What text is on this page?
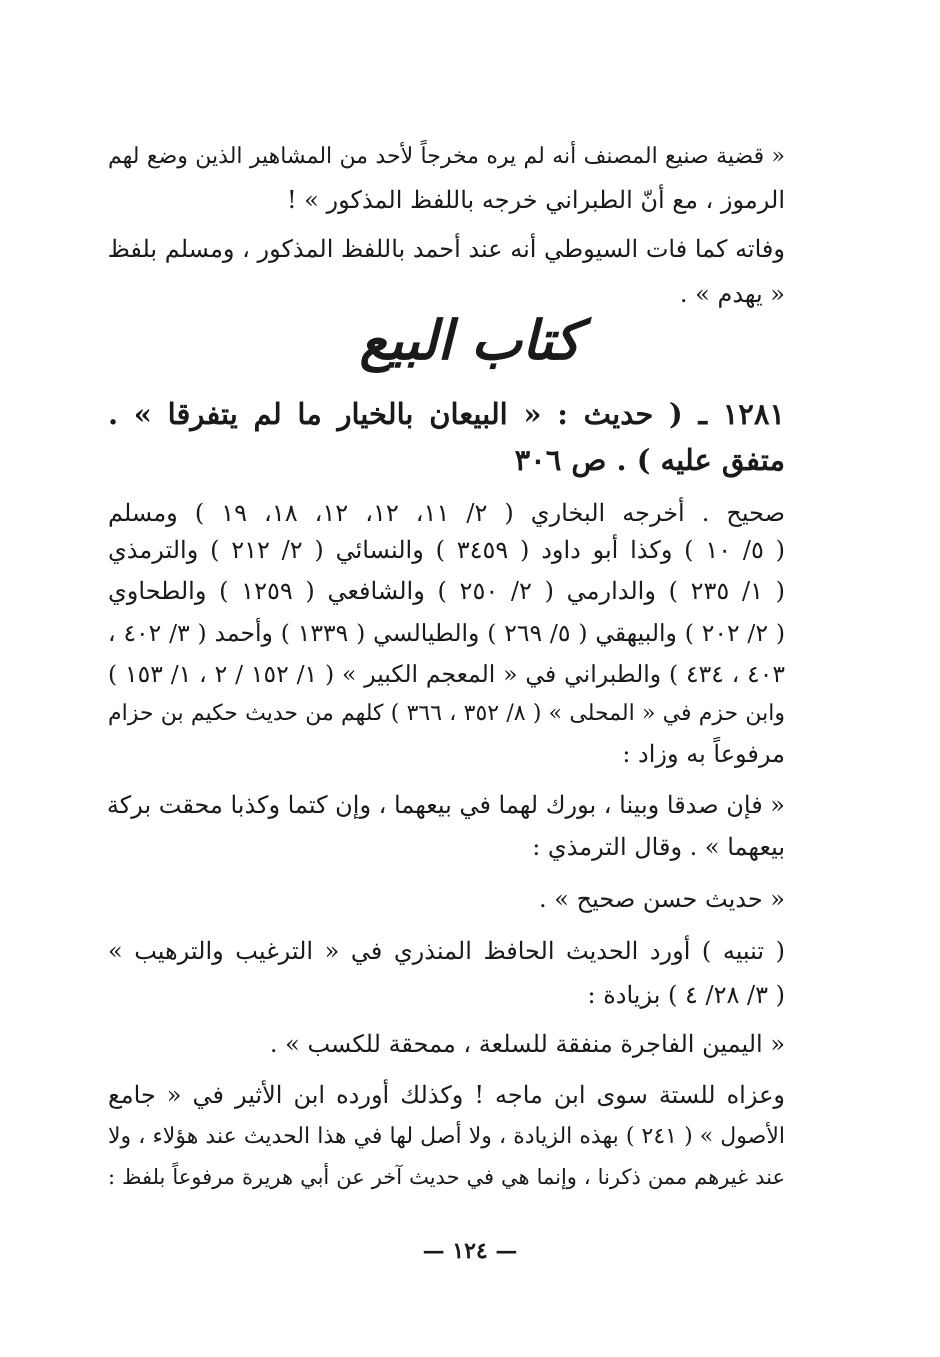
« قضية صنيع المصنف أنه لم يره مخرجاً لأحد من المشاهير الذين وضع لهم
الرموز ، مع أنّ الطبراني خرجه باللفظ المذكور » !
وفاته كما فات السيوطي أنه عند أحمد باللفظ المذكور ، ومسلم بلفظ
« يهدم » .
كتاب البيع
١٢٨١ ـ ( حديث : « البيعان بالخيار ما لم يتفرقا » .
متفق عليه ) . ص ٣٠٦
صحيح . أخرجه البخاري ( ٢/ ١١، ١٢، ١٢، ١٨، ١٩ ) ومسلم
( ٥/ ١٠ ) وكذا أبو داود ( ٣٤٥٩ ) والنسائي ( ٢/ ٢١٢ ) والترمذي
( ١/ ٢٣٥ ) والدارمي ( ٢/ ٢٥٠ ) والشافعي ( ١٢٥٩ ) والطحاوي
( ٢/ ٢٠٢ ) والبيهقي ( ٥/ ٢٦٩ ) والطيالسي ( ١٣٣٩ ) وأحمد ( ٣/ ٤٠٢ ،
٤٠٣ ، ٤٣٤ ) والطبراني في « المعجم الكبير » ( ١/ ١٥٢ / ٢ ، ١/ ١٥٣ )
وابن حزم في « المحلى » ( ٨/ ٣٥٢ ، ٣٦٦ ) كلهم من حديث حكيم بن حزام
مرفوعاً به وزاد :
« فإن صدقا وبينا ، بورك لهما في بيعهما ، وإن كتما وكذبا محقت بركة
بيعهما » . وقال الترمذي :
« حديث حسن صحيح » .
( تنبيه ) أورد الحديث الحافظ المنذري في « الترغيب والترهيب »
( ٣/ ٢٨/ ٤ ) بزيادة :
« اليمين الفاجرة منفقة للسلعة ، ممحقة للكسب » .
وعزاه للستة سوى ابن ماجه ! وكذلك أورده ابن الأثير في « جامع
الأصول » ( ٢٤١ ) بهذه الزيادة ، ولا أصل لها في هذا الحديث عند هؤلاء ، ولا
عند غيرهم ممن ذكرنا ، وإنما هي في حديث آخر عن أبي هريرة مرفوعاً بلفظ :
— ١٢٤ —
